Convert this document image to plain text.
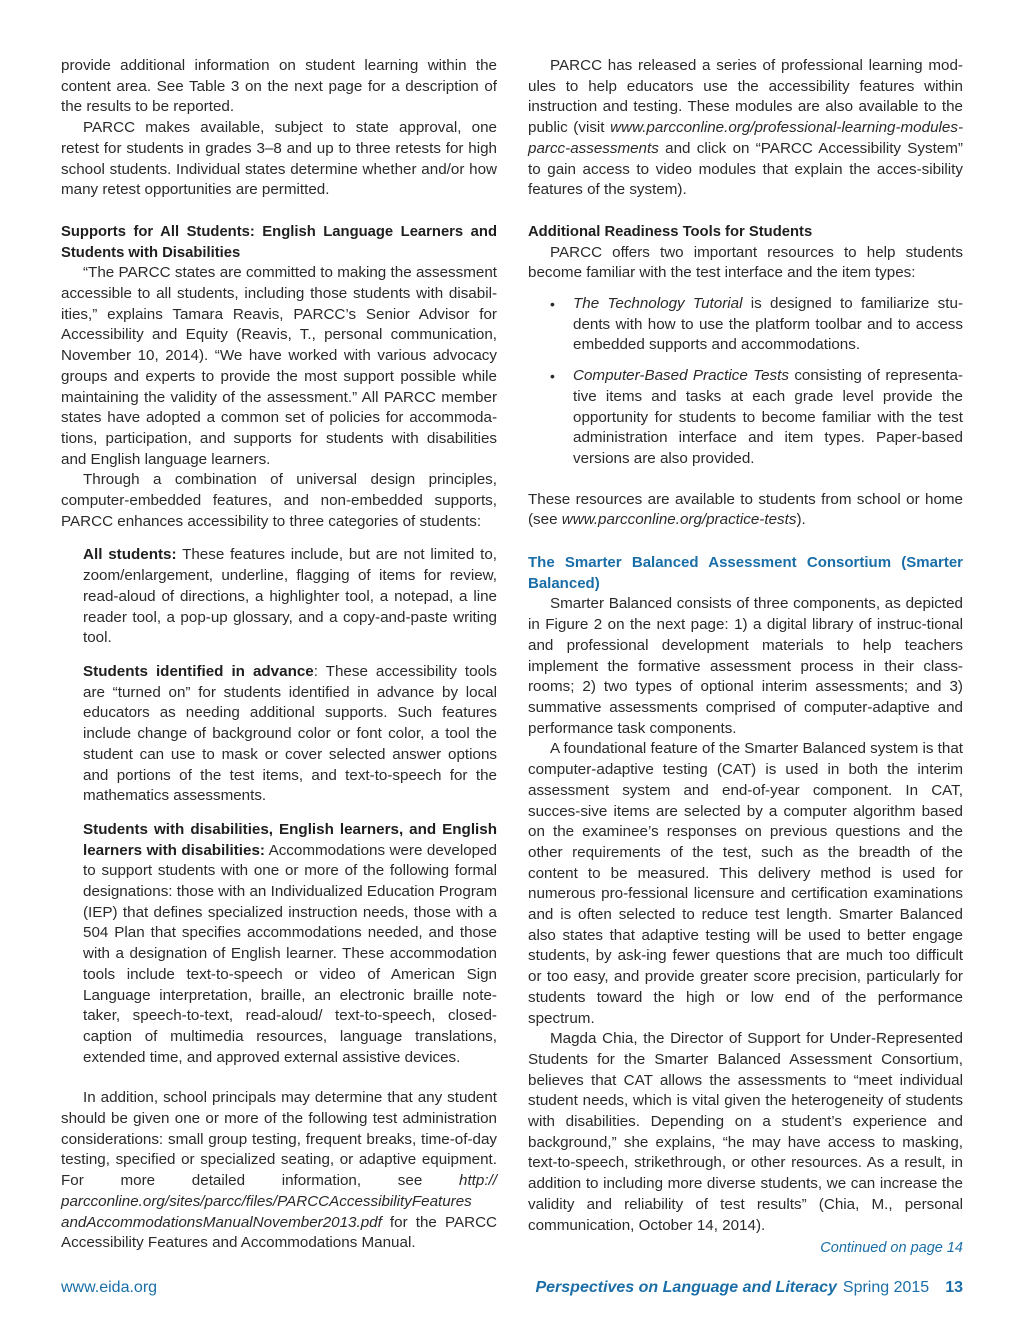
provide additional information on student learning within the content area. See Table 3 on the next page for a description of the results to be reported.

PARCC makes available, subject to state approval, one retest for students in grades 3–8 and up to three retests for high school students. Individual states determine whether and/or how many retest opportunities are permitted.

Supports for All Students: English Language Learners and Students with Disabilities

“The PARCC states are committed to making the assessment accessible to all students, including those students with disabil-ities,” explains Tamara Reavis, PARCC’s Senior Advisor for Accessibility and Equity (Reavis, T., personal communication, November 10, 2014). “We have worked with various advocacy groups and experts to provide the most support possible while maintaining the validity of the assessment.” All PARCC member states have adopted a common set of policies for accommoda-tions, participation, and supports for students with disabilities and English language learners.

Through a combination of universal design principles, computer-embedded features, and non-embedded supports, PARCC enhances accessibility to three categories of students:

All students: These features include, but are not limited to, zoom/enlargement, underline, flagging of items for review, read-aloud of directions, a highlighter tool, a notepad, a line reader tool, a pop-up glossary, and a copy-and-paste writing tool.

Students identified in advance: These accessibility tools are “turned on” for students identified in advance by local educators as needing additional supports. Such features include change of background color or font color, a tool the student can use to mask or cover selected answer options and portions of the test items, and text-to-speech for the mathematics assessments.

Students with disabilities, English learners, and English learners with disabilities: Accommodations were developed to support students with one or more of the following formal designations: those with an Individualized Education Program (IEP) that defines specialized instruction needs, those with a 504 Plan that specifies accommodations needed, and those with a designation of English learner. These accommodation tools include text-to-speech or video of American Sign Language interpretation, braille, an electronic braille note-taker, speech-to-text, read-aloud/ text-to-speech, closed-caption of multimedia resources, language translations, extended time, and approved external assistive devices.

In addition, school principals may determine that any student should be given one or more of the following test administration considerations: small group testing, frequent breaks, time-of-day testing, specified or specialized seating, or adaptive equipment. For more detailed information, see http:// parcconline.org/sites/parcc/files/PARCCAccessibilityFeatures andAccommodationsManualNovember2013.pdf for the PARCC Accessibility Features and Accommodations Manual.

PARCC has released a series of professional learning mod-ules to help educators use the accessibility features within instruction and testing. These modules are also available to the public (visit www.parcconline.org/professional-learning-modules-parcc-assessments and click on “PARCC Accessibility System” to gain access to video modules that explain the acces-sibility features of the system).

Additional Readiness Tools for Students

PARCC offers two important resources to help students become familiar with the test interface and the item types:

• The Technology Tutorial is designed to familiarize stu-dents with how to use the platform toolbar and to access embedded supports and accommodations.
• Computer-Based Practice Tests consisting of representa-tive items and tasks at each grade level provide the opportunity for students to become familiar with the test administration interface and item types. Paper-based versions are also provided.

These resources are available to students from school or home (see www.parcconline.org/practice-tests).

The Smarter Balanced Assessment Consortium (Smarter Balanced)

Smarter Balanced consists of three components, as depicted in Figure 2 on the next page: 1) a digital library of instruc-tional and professional development materials to help teachers implement the formative assessment process in their class-rooms; 2) two types of optional interim assessments; and 3) summative assessments comprised of computer-adaptive and performance task components.

A foundational feature of the Smarter Balanced system is that computer-adaptive testing (CAT) is used in both the interim assessment system and end-of-year component. In CAT, succes-sive items are selected by a computer algorithm based on the examinee’s responses on previous questions and the other requirements of the test, such as the breadth of the content to be measured. This delivery method is used for numerous pro-fessional licensure and certification examinations and is often selected to reduce test length. Smarter Balanced also states that adaptive testing will be used to better engage students, by ask-ing fewer questions that are much too difficult or too easy, and provide greater score precision, particularly for students toward the high or low end of the performance spectrum.

Magda Chia, the Director of Support for Under-Represented Students for the Smarter Balanced Assessment Consortium, believes that CAT allows the assessments to “meet individual student needs, which is vital given the heterogeneity of students with disabilities. Depending on a student’s experience and background,” she explains, “he may have access to masking, text-to-speech, strikethrough, or other resources. As a result, in addition to including more diverse students, we can increase the validity and reliability of test results” (Chia, M., personal communication, October 14, 2014).

Continued on page 14

www.eida.org	Perspectives on Language and Literacy Spring 2015 13
